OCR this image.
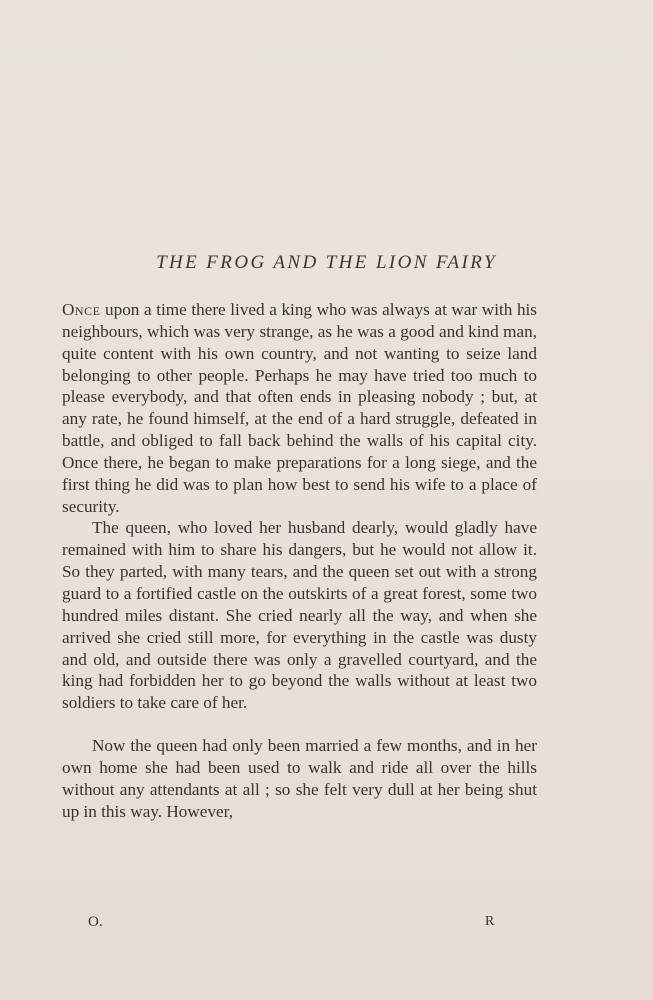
THE FROG AND THE LION FAIRY

Once upon a time there lived a king who was always at war with his neighbours, which was very strange, as he was a good and kind man, quite content with his own country, and not wanting to seize land belonging to other people. Perhaps he may have tried too much to please everybody, and that often ends in pleasing nobody ; but, at any rate, he found himself, at the end of a hard struggle, defeated in battle, and obliged to fall back behind the walls of his capital city. Once there, he began to make preparations for a long siege, and the first thing he did was to plan how best to send his wife to a place of security.

The queen, who loved her husband dearly, would gladly have remained with him to share his dangers, but he would not allow it. So they parted, with many tears, and the queen set out with a strong guard to a fortified castle on the outskirts of a great forest, some two hundred miles distant. She cried nearly all the way, and when she arrived she cried still more, for everything in the castle was dusty and old, and outside there was only a gravelled courtyard, and the king had forbidden her to go beyond the walls without at least two soldiers to take care of her.

Now the queen had only been married a few months, and in her own home she had been used to walk and ride all over the hills without any attendants at all ; so she felt very dull at her being shut up in this way. However,

O.	R
